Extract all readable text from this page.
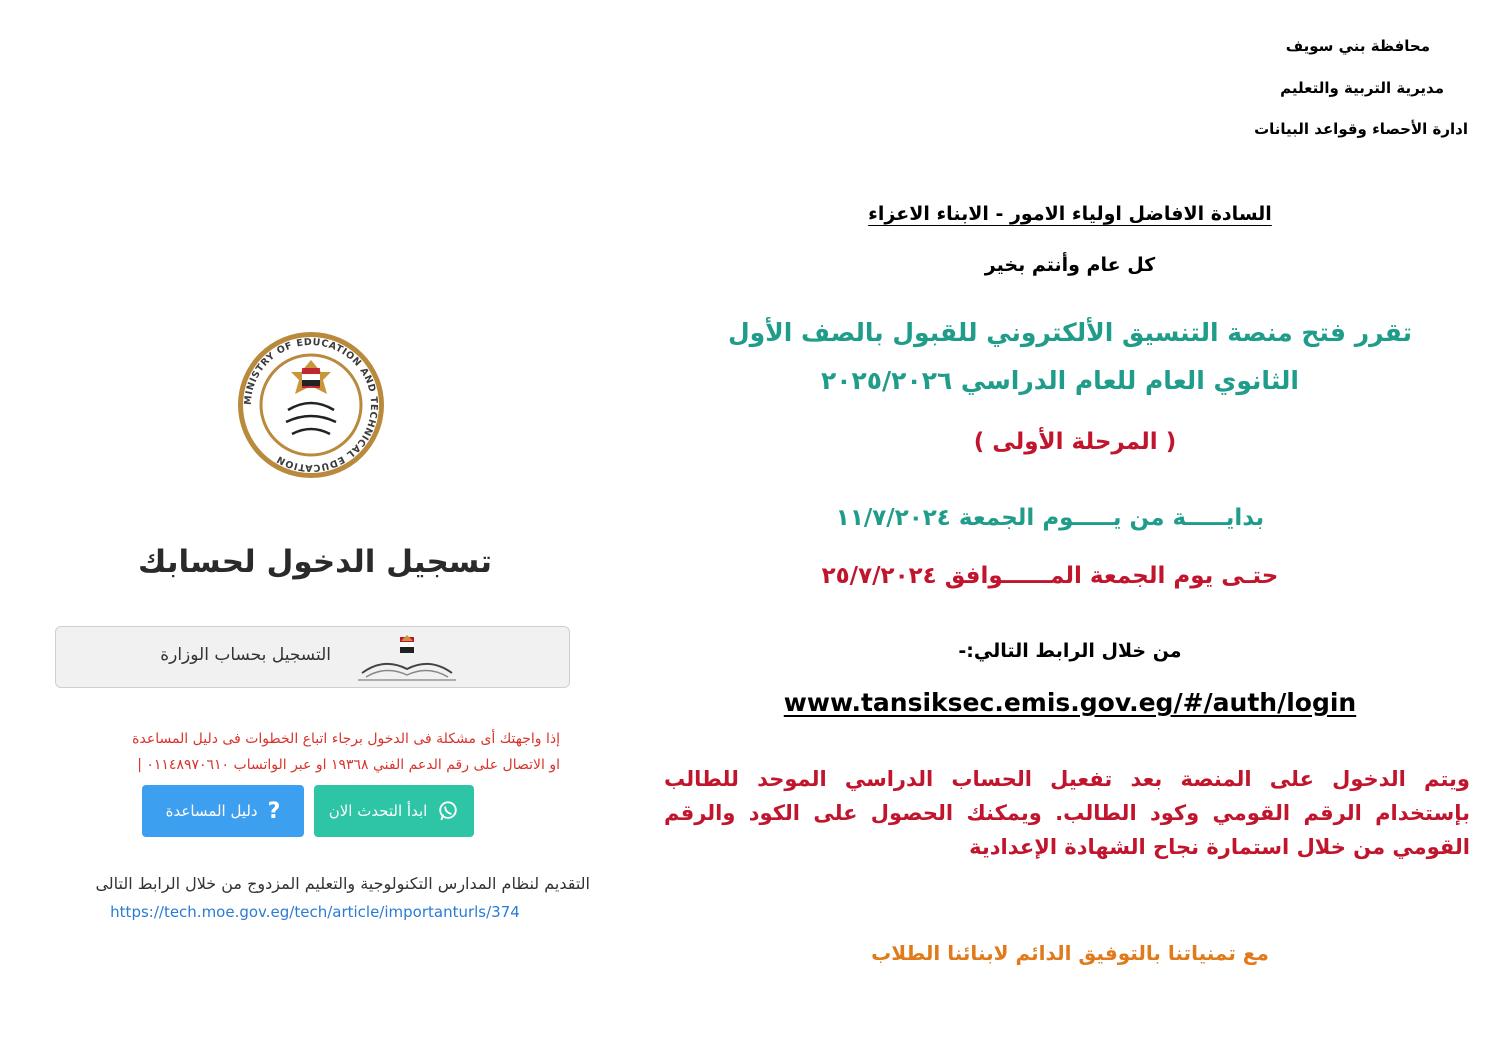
محافظة بني سويف
مديرية التربية والتعليم
ادارة الأحصاء وقواعد البيانات
السادة الافاضل اولياء الامور - الابناء الاعزاء
كل عام وأنتم بخير
تقرر فتح منصة التنسيق الألكتروني للقبول بالصف الأول
الثانوي العام للعام الدراسي ٢٠٢٥/٢٠٢٦
( المرحلة الأولى )
بدايـــــة من يـــــوم الجمعة ١١/٧/٢٠٢٤
حتـى يوم الجمعة المــــــوافق ٢٥/٧/٢٠٢٤
من خلال الرابط التالي:-
www.tansiksec.emis.gov.eg/#/auth/login
ويتم الدخول على المنصة بعد تفعيل الحساب الدراسي الموحد للطالب بإستخدام الرقم القومي وكود الطالب. ويمكنك الحصول على الكود والرقم القومي من خلال استمارة نجاح الشهادة الإعدادية
مع تمنياتنا بالتوفيق الدائم لابنائنا الطلاب
MINISTRY OF EDUCATION AND TECHNICAL EDUCATION
تسجيل الدخول لحسابك
التسجيل بحساب الوزارة
إذا واجهتك أى مشكلة فى الدخول برجاء اتباع الخطوات فى دليل المساعدة
او الاتصال على رقم الدعم الفني ١٩٣٦٨ او عبر الواتساب ٠١١٤٨٩٧٠٦١٠ |
?
دليل المساعدة	ابدأ التحدث الان
التقديم لنظام المدارس التكنولوجية والتعليم المزدوج من خلال الرابط التالى
https://tech.moe.gov.eg/tech/article/importanturls/374
